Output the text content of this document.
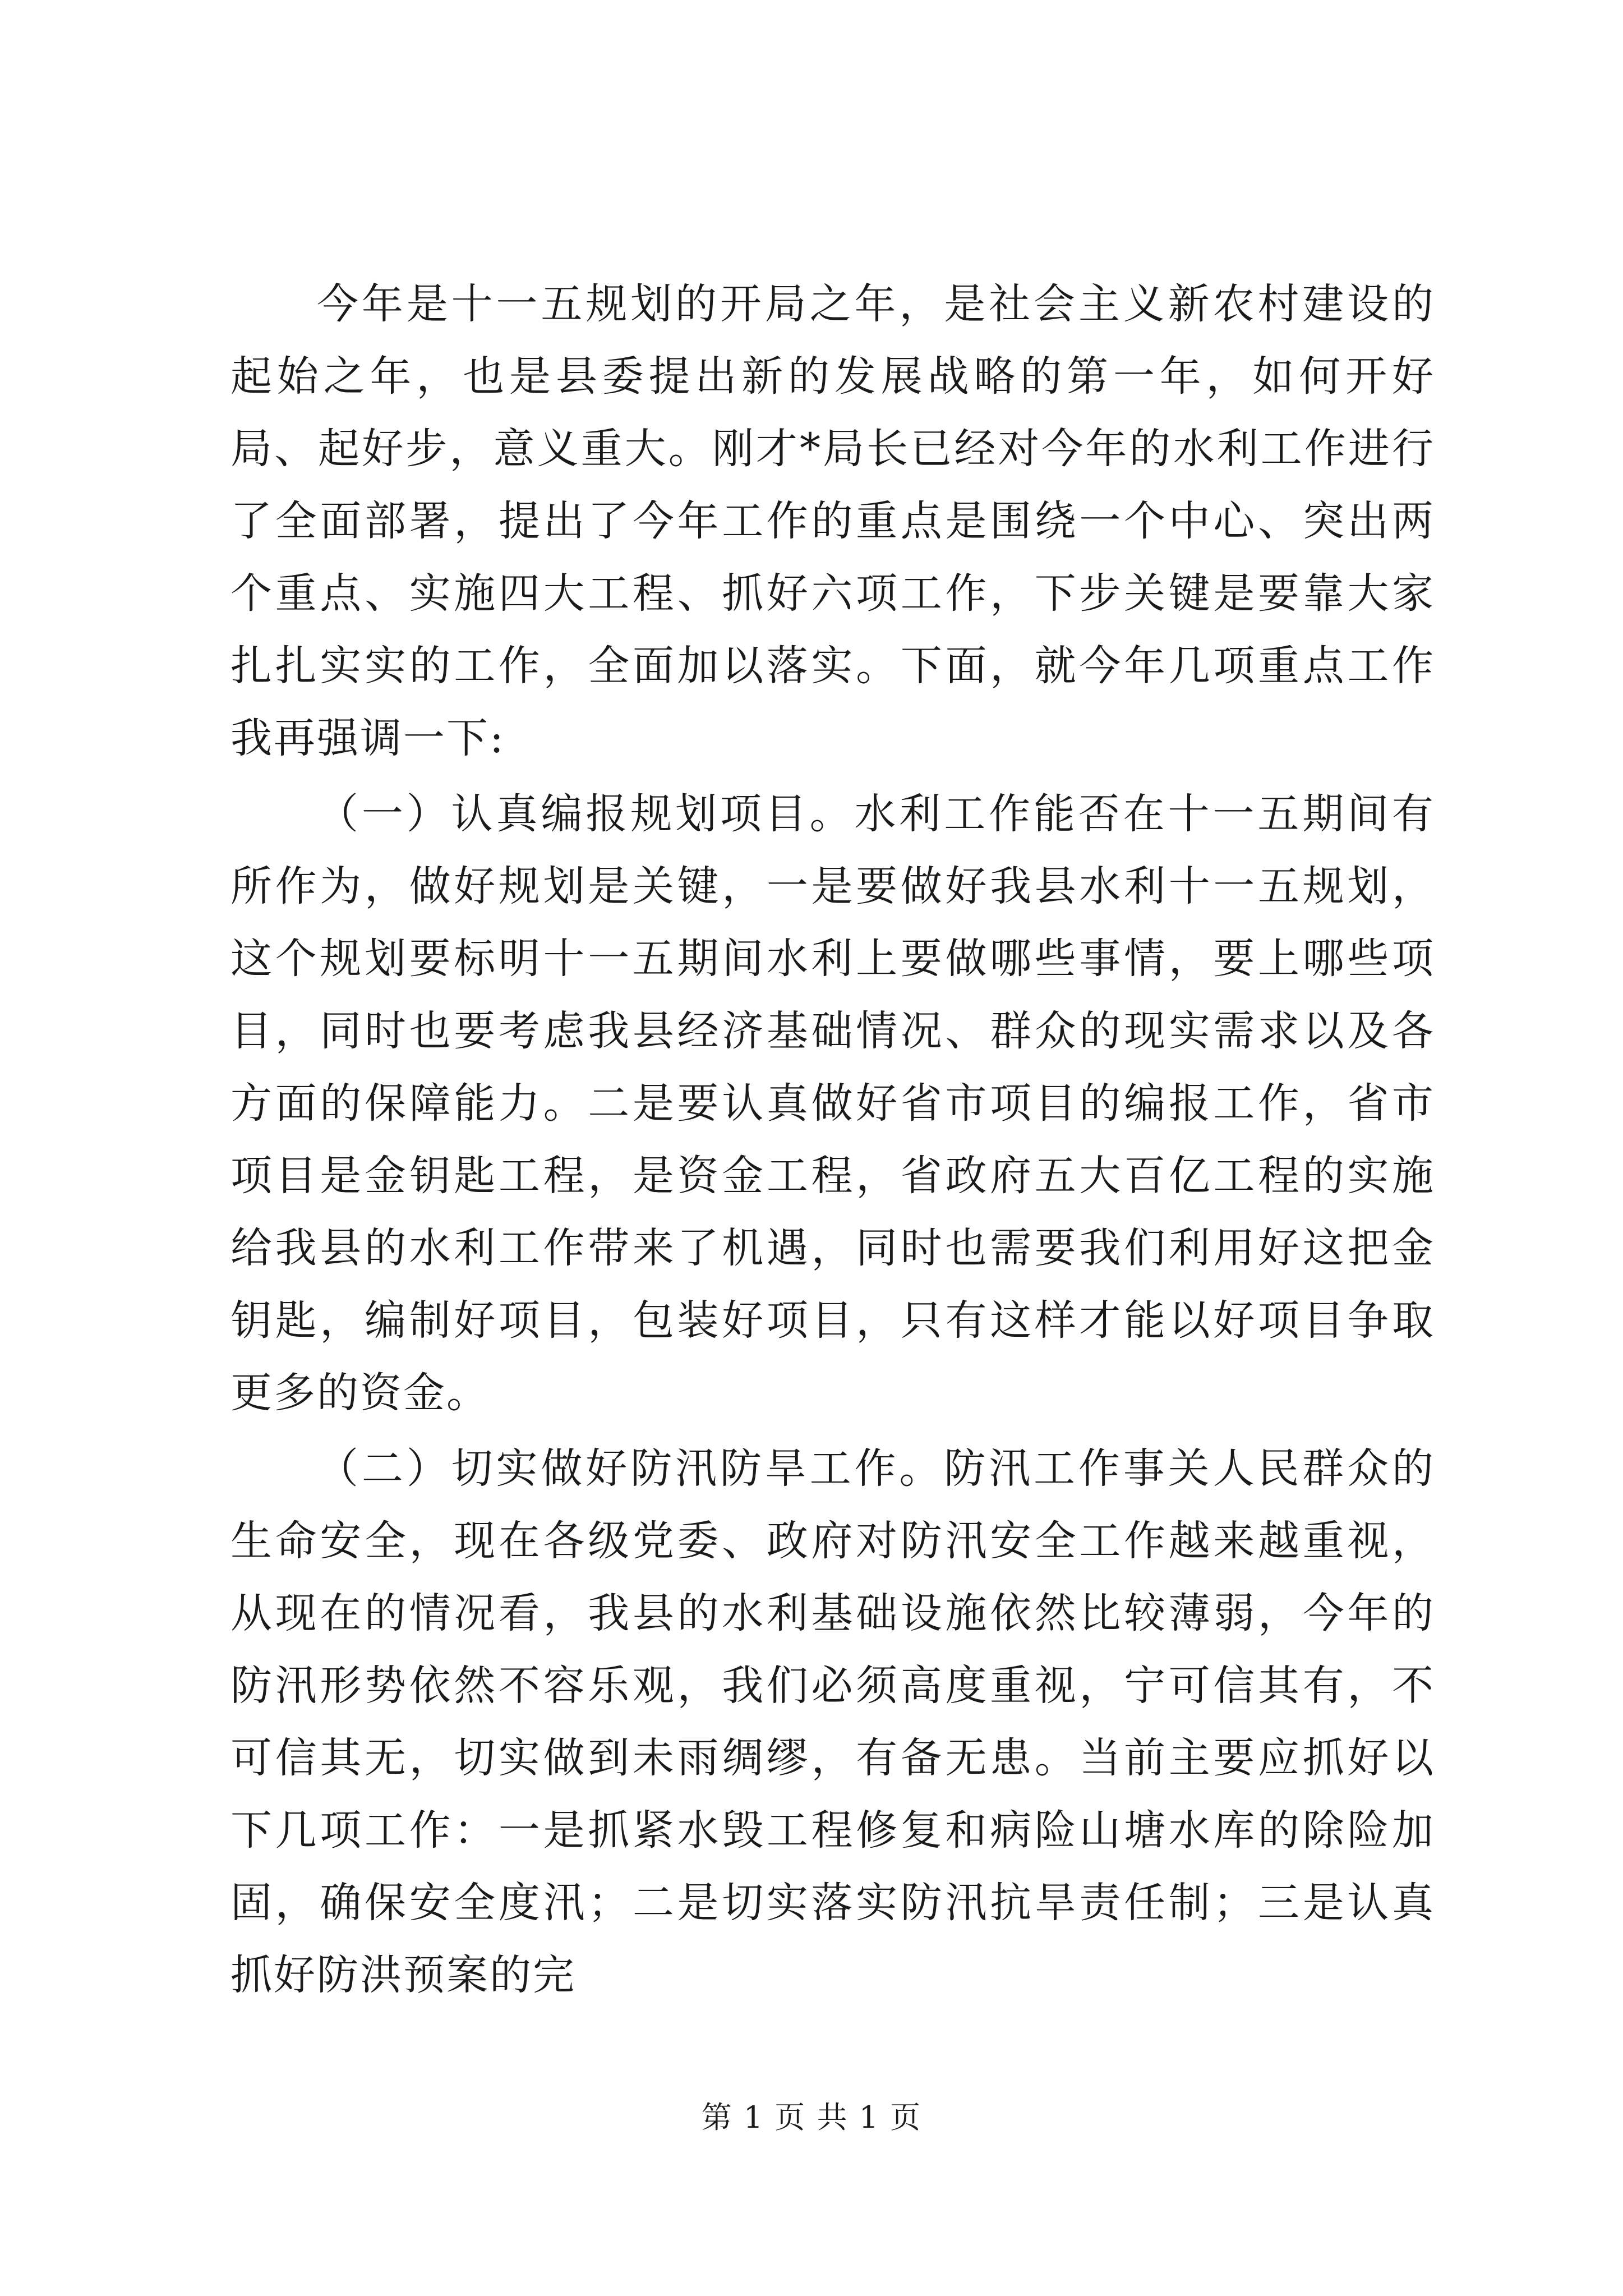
今年是十一五规划的开局之年，是社会主义新农村建设的起始之年，也是县委提出新的发展战略的第一年，如何开好局、起好步，意义重大。刚才*局长已经对今年的水利工作进行了全面部署，提出了今年工作的重点是围绕一个中心、突出两个重点、实施四大工程、抓好六项工作，下步关键是要靠大家扎扎实实的工作，全面加以落实。下面，就今年几项重点工作我再强调一下:

（一）认真编报规划项目。水利工作能否在十一五期间有所作为，做好规划是关键，一是要做好我县水利十一五规划，这个规划要标明十一五期间水利上要做哪些事情，要上哪些项目，同时也要考虑我县经济基础情况、群众的现实需求以及各方面的保障能力。二是要认真做好省市项目的编报工作，省市项目是金钥匙工程，是资金工程，省政府五大百亿工程的实施给我县的水利工作带来了机遇，同时也需要我们利用好这把金钥匙，编制好项目，包装好项目，只有这样才能以好项目争取更多的资金。

（二）切实做好防汛防旱工作。防汛工作事关人民群众的生命安全，现在各级党委、政府对防汛安全工作越来越重视，从现在的情况看，我县的水利基础设施依然比较薄弱，今年的防汛形势依然不容乐观，我们必须高度重视，宁可信其有，不可信其无，切实做到未雨绸缪，有备无患。当前主要应抓好以下几项工作：一是抓紧水毁工程修复和病险山塘水库的除险加固，确保安全度汛；二是切实落实防汛抗旱责任制；三是认真抓好防洪预案的完

第 1 页 共 1 页
